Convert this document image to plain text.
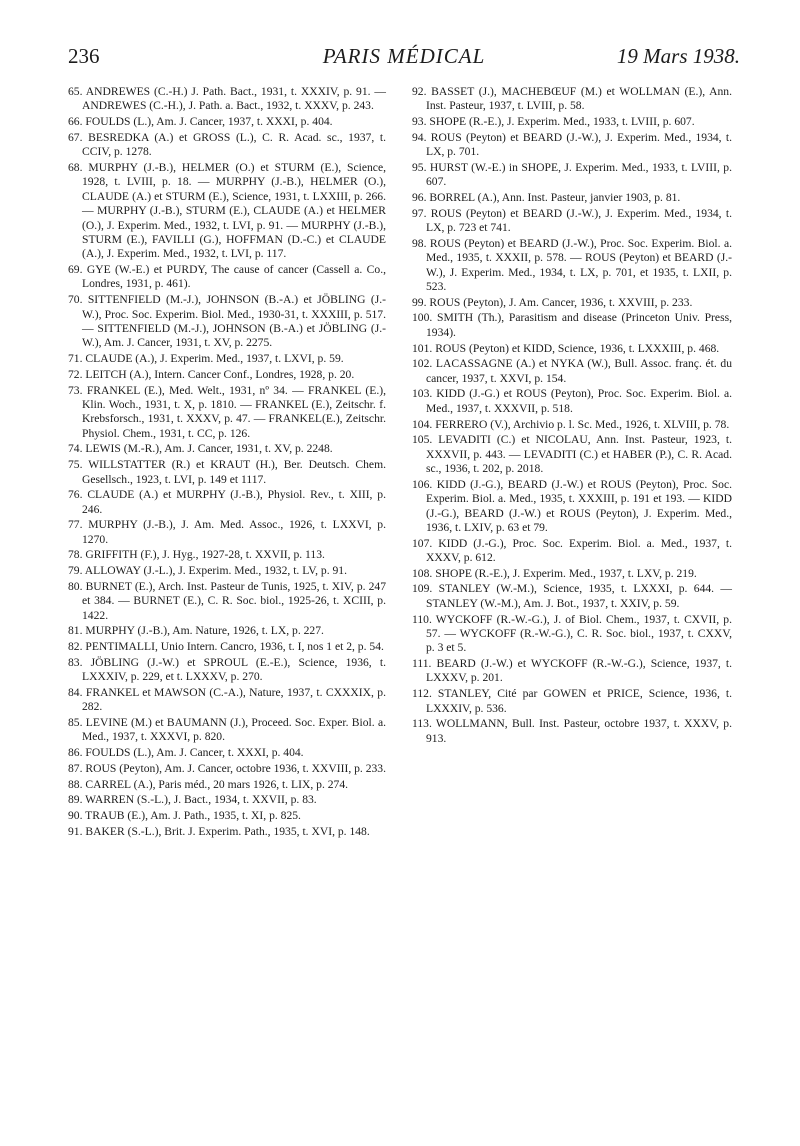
PARIS MÉDICAL
236	19 Mars 1938.

65. ANDREWES (C.-H.) J. Path. Bact., 1931, t. XXXIV, p. 91. — ANDREWES (C.-H.), J. Path. a. Bact., 1932, t. XXXV, p. 243.

66. FOULDS (L.), Am. J. Cancer, 1937, t. XXXI, p. 404.

67. BESREDKA (A.) et GROSS (L.), C. R. Acad. sc., 1937, t. CCIV, p. 1278.

68. MURPHY (J.-B.), HELMER (O.) et STURM (E.), Science, 1928, t. LVIII, p. 18. — MURPHY (J.-B.), HELMER (O.), CLAUDE (A.) et STURM (E.), Science, 1931, t. LXXIII, p. 266. — MURPHY (J.-B.), STURM (E.), CLAUDE (A.) et HELMER (O.), J. Experim. Med., 1932, t. LVI, p. 91. — MURPHY (J.-B.), STURM (E.), FAVILLI (G.), HOFFMAN (D.-C.) et CLAUDE (A.), J. Experim. Med., 1932, t. LVI, p. 117.

69. GYE (W.-E.) et PURDY, The cause of cancer (Cassell a. Co., Londres, 1931, p. 461).

70. SITTENFIELD (M.-J.), JOHNSON (B.-A.) et JÖBLING (J.-W.), Proc. Soc. Experim. Biol. Med., 1930-31, t. XXXIII, p. 517. — SITTENFIELD (M.-J.), JOHNSON (B.-A.) et JÖBLING (J.-W.), Am. J. Cancer, 1931, t. XV, p. 2275.

71. CLAUDE (A.), J. Experim. Med., 1937, t. LXVI, p. 59.

72. LEITCH (A.), Intern. Cancer Conf., Londres, 1928, p. 20.

73. FRANKEL (E.), Med. Welt., 1931, nº 34. — FRANKEL (E.), Klin. Woch., 1931, t. X, p. 1810. — FRANKEL (E.), Zeitschr. f. Krebsforsch., 1931, t. XXXV, p. 47. — FRANKEL(E.), Zeitschr. Physiol. Chem., 1931, t. CC, p. 126.

74. LEWIS (M.-R.), Am. J. Cancer, 1931, t. XV, p. 2248.

75. WILLSTATTER (R.) et KRAUT (H.), Ber. Deutsch. Chem. Gesellsch., 1923, t. LVI, p. 149 et 1117.

76. CLAUDE (A.) et MURPHY (J.-B.), Physiol. Rev., t. XIII, p. 246.

77. MURPHY (J.-B.), J. Am. Med. Assoc., 1926, t. LXXVI, p. 1270.

78. GRIFFITH (F.), J. Hyg., 1927-28, t. XXVII, p. 113.

79. ALLOWAY (J.-L.), J. Experim. Med., 1932, t. LV, p. 91.

80. BURNET (E.), Arch. Inst. Pasteur de Tunis, 1925, t. XIV, p. 247 et 384. — BURNET (E.), C. R. Soc. biol., 1925-26, t. XCIII, p. 1422.

81. MURPHY (J.-B.), Am. Nature, 1926, t. LX, p. 227.

82. PENTIMALLI, Unio Intern. Cancro, 1936, t. I, nos 1 et 2, p. 54.

83. JÖBLING (J.-W.) et SPROUL (E.-E.), Science, 1936, t. LXXXIV, p. 229, et t. LXXXV, p. 270.

84. FRANKEL et MAWSON (C.-A.), Nature, 1937, t. CXXXIX, p. 282.

85. LEVINE (M.) et BAUMANN (J.), Proceed. Soc. Exper. Biol. a. Med., 1937, t. XXXVI, p. 820.

86. FOULDS (L.), Am. J. Cancer, t. XXXI, p. 404.

87. ROUS (Peyton), Am. J. Cancer, octobre 1936, t. XXVIII, p. 233.

88. CARREL (A.), Paris méd., 20 mars 1926, t. LIX, p. 274.

89. WARREN (S.-L.), J. Bact., 1934, t. XXVII, p. 83.

90. TRAUB (E.), Am. J. Path., 1935, t. XI, p. 825.

91. BAKER (S.-L.), Brit. J. Experim. Path., 1935, t. XVI, p. 148.

92. BASSET (J.), MACHEBŒUF (M.) et WOLLMAN (E.), Ann. Inst. Pasteur, 1937, t. LVIII, p. 58.

93. SHOPE (R.-E.), J. Experim. Med., 1933, t. LVIII, p. 607.

94. ROUS (Peyton) et BEARD (J.-W.), J. Experim. Med., 1934, t. LX, p. 701.

95. HURST (W.-E.) in SHOPE, J. Experim. Med., 1933, t. LVIII, p. 607.

96. BORREL (A.), Ann. Inst. Pasteur, janvier 1903, p. 81.

97. ROUS (Peyton) et BEARD (J.-W.), J. Experim. Med., 1934, t. LX, p. 723 et 741.

98. ROUS (Peyton) et BEARD (J.-W.), Proc. Soc. Experim. Biol. a. Med., 1935, t. XXXII, p. 578. — ROUS (Peyton) et BEARD (J.-W.), J. Experim. Med., 1934, t. LX, p. 701, et 1935, t. LXII, p. 523.

99. ROUS (Peyton), J. Am. Cancer, 1936, t. XXVIII, p. 233.

100. SMITH (Th.), Parasitism and disease (Princeton Univ. Press, 1934).

101. ROUS (Peyton) et KIDD, Science, 1936, t. LXXXIII, p. 468.

102. LACASSAGNE (A.) et NYKA (W.), Bull. Assoc. franç. ét. du cancer, 1937, t. XXVI, p. 154.

103. KIDD (J.-G.) et ROUS (Peyton), Proc. Soc. Experim. Biol. a. Med., 1937, t. XXXVII, p. 518.

104. FERRERO (V.), Archivio p. l. Sc. Med., 1926, t. XLVIII, p. 78.

105. LEVADITI (C.) et NICOLAU, Ann. Inst. Pasteur, 1923, t. XXXVII, p. 443. — LEVADITI (C.) et HABER (P.), C. R. Acad. sc., 1936, t. 202, p. 2018.

106. KIDD (J.-G.), BEARD (J.-W.) et ROUS (Peyton), Proc. Soc. Experim. Biol. a. Med., 1935, t. XXXIII, p. 191 et 193. — KIDD (J.-G.), BEARD (J.-W.) et ROUS (Peyton), J. Experim. Med., 1936, t. LXIV, p. 63 et 79.

107. KIDD (J.-G.), Proc. Soc. Experim. Biol. a. Med., 1937, t. XXXV, p. 612.

108. SHOPE (R.-E.), J. Experim. Med., 1937, t. LXV, p. 219.

109. STANLEY (W.-M.), Science, 1935, t. LXXXI, p. 644. — STANLEY (W.-M.), Am. J. Bot., 1937, t. XXIV, p. 59.

110. WYCKOFF (R.-W.-G.), J. of Biol. Chem., 1937, t. CXVII, p. 57. — WYCKOFF (R.-W.-G.), C. R. Soc. biol., 1937, t. CXXV, p. 3 et 5.

111. BEARD (J.-W.) et WYCKOFF (R.-W.-G.), Science, 1937, t. LXXXV, p. 201.

112. STANLEY, Cité par GOWEN et PRICE, Science, 1936, t. LXXXIV, p. 536.

113. WOLLMANN, Bull. Inst. Pasteur, octobre 1937, t. XXXV, p. 913.
